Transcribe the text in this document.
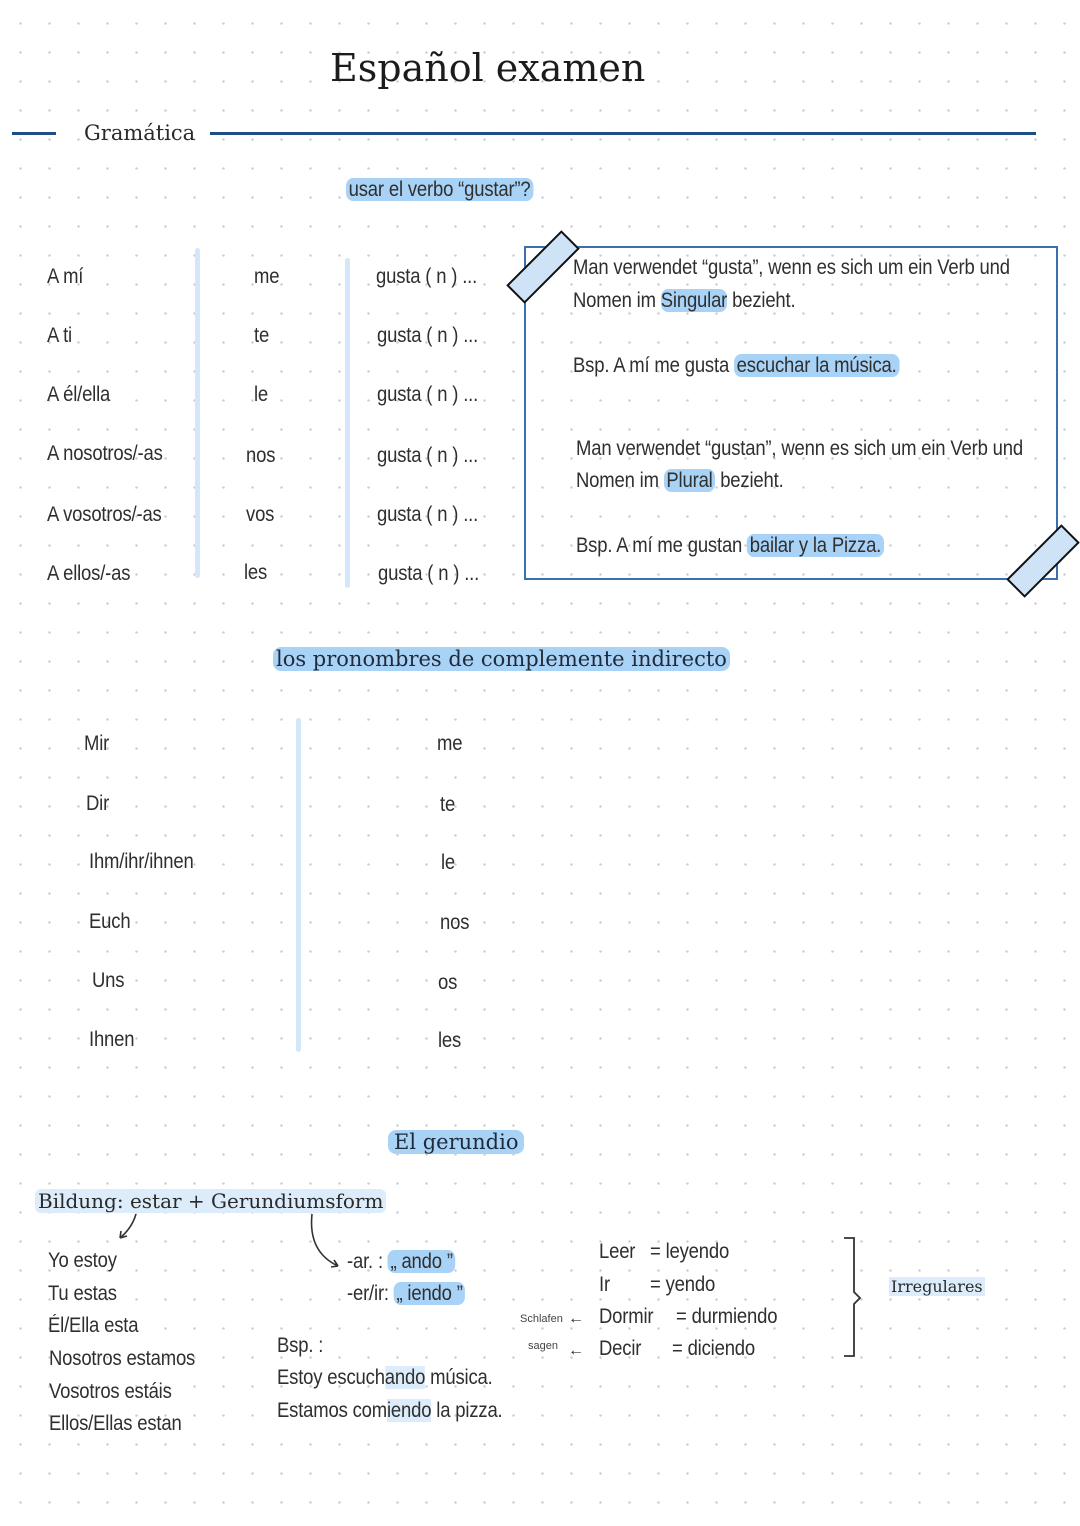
Español examen
Gramática
usar el verbo “gustar”?
A mí	me	gusta ( n ) ...
A ti	te	gusta ( n ) ...
A él/ella	le	gusta ( n ) ...
A nosotros/-as	nos	gusta ( n ) ...
A vosotros/-as	vos	gusta ( n ) ...
A ellos/-as	les	gusta ( n ) ...
Man verwendet “gusta”, wenn es sich um ein Verb und
Nomen im Singular bezieht.
Bsp. A mí me gusta escuchar la música.
Man verwendet “gustan”, wenn es sich um ein Verb und
Nomen im Plural bezieht.
Bsp. A mí me gustan bailar y la Pizza.
los pronombres de complemente indirecto
Mir	me
Dir	te
Ihm/ihr/ihnen	le
Euch	nos
Uns	os
Ihnen	les
El gerundio
Bildung: estar + Gerundiumsform
Yo estoy
Tu estas
Él/Ella esta
Nosotros estamos
Vosotros estáis
Ellos/Ellas estan
-ar. : „ ando ”
-er/ir: „ iendo ”
Bsp. :
Estoy escuchando música.
Estamos comiendo la pizza.
Schlafen ←
sagen ←
Leer = leyendo
Ir = yendo
Dormir = durmiendo
Decir = diciendo
Irregulares
